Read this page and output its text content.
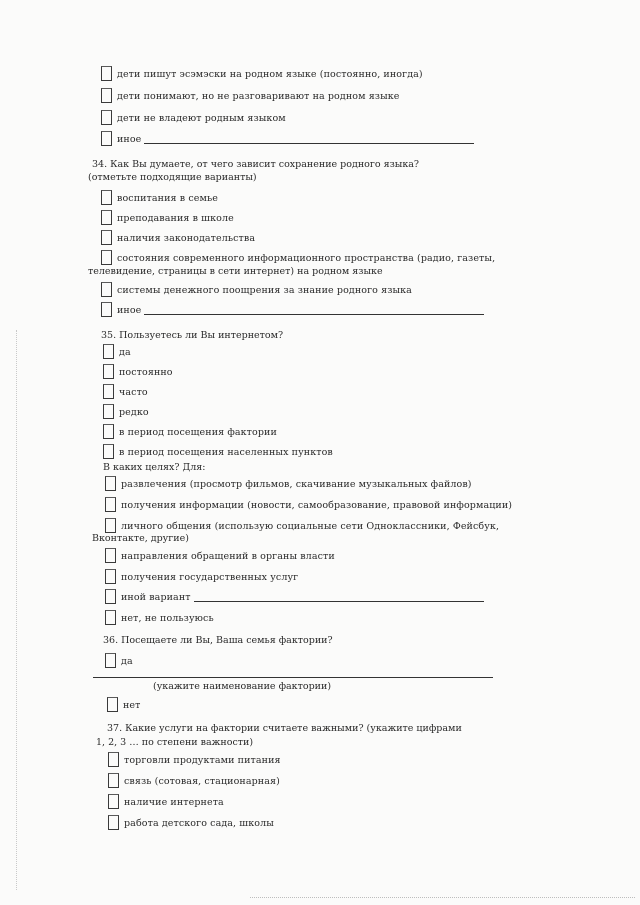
дети пишут эсэмэски на родном языке (постоянно, иногда)
дети понимают, но не разговаривают на родном языке
дети не владеют родным языком
иное
34. Как Вы думаете, от чего зависит сохранение родного языка?
(отметьте подходящие варианты)
воспитания в семье
преподавания в школе
наличия законодательства
состояния современного информационного пространства (радио, газеты,
телевидение, страницы в сети интернет) на родном языке
системы денежного поощрения за знание родного языка
иное
35. Пользуетесь ли Вы интернетом?
да
постоянно
часто
редко
в период посещения фактории
в период посещения населенных пунктов
В каких целях? Для:
развлечения (просмотр фильмов, скачивание музыкальных файлов)
получения информации (новости, самообразование, правовой информации)
личного общения (использую социальные сети Одноклассники, Фейсбук,
Вконтакте, другие)
направления обращений в органы власти
получения государственных услуг
иной вариант
нет, не пользуюсь
36. Посещаете ли Вы, Ваша семья фактории?
да
(укажите наименование фактории)
нет
37. Какие услуги на фактории считаете важными? (укажите цифрами
1, 2, 3 … по степени важности)
торговли продуктами питания
связь (сотовая, стационарная)
наличие интернета
работа детского сада, школы
